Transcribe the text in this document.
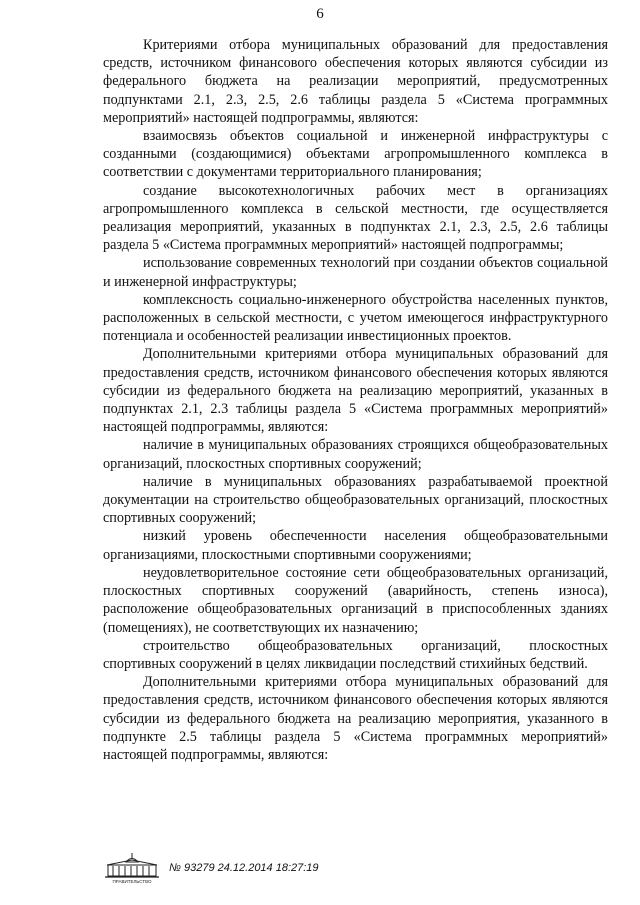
6

Критериями отбора муниципальных образований для предоставления средств, источником финансового обеспечения которых являются субсидии из федерального бюджета на реализации мероприятий, предусмотренных подпунктами 2.1, 2.3, 2.5, 2.6 таблицы раздела 5 «Система программных мероприятий» настоящей подпрограммы, являются:

взаимосвязь объектов социальной и инженерной инфраструктуры с созданными (создающимися) объектами агропромышленного комплекса в соответствии с документами территориального планирования;

создание высокотехнологичных рабочих мест в организациях агропромышленного комплекса в сельской местности, где осуществляется реализация мероприятий, указанных в подпунктах 2.1, 2.3, 2.5, 2.6 таблицы раздела 5 «Система программных мероприятий» настоящей подпрограммы;

использование современных технологий при создании объектов социальной и инженерной инфраструктуры;

комплексность социально-инженерного обустройства населенных пунктов, расположенных в сельской местности, с учетом имеющегося инфраструктурного потенциала и особенностей реализации инвестиционных проектов.

Дополнительными критериями отбора муниципальных образований для предоставления средств, источником финансового обеспечения которых являются субсидии из федерального бюджета на реализацию мероприятий, указанных в подпунктах 2.1, 2.3 таблицы раздела 5 «Система программных мероприятий» настоящей подпрограммы, являются:

наличие в муниципальных образованиях строящихся общеобразовательных организаций, плоскостных спортивных сооружений;

наличие в муниципальных образованиях разрабатываемой проектной документации на строительство общеобразовательных организаций, плоскостных спортивных сооружений;

низкий уровень обеспеченности населения общеобразовательными организациями, плоскостными спортивными сооружениями;

неудовлетворительное состояние сети общеобразовательных организаций, плоскостных спортивных сооружений (аварийность, степень износа), расположение общеобразовательных организаций в приспособленных зданиях (помещениях), не соответствующих их назначению;

строительство общеобразовательных организаций, плоскостных спортивных сооружений в целях ликвидации последствий стихийных бедствий.

Дополнительными критериями отбора муниципальных образований для предоставления средств, источником финансового обеспечения которых являются субсидии из федерального бюджета на реализацию мероприятия, указанного в подпункте 2.5 таблицы раздела 5 «Система программных мероприятий» настоящей подпрограммы, являются:

ПРАВИТЕЛЬСТВО
№ 93279 24.12.2014 18:27:19
